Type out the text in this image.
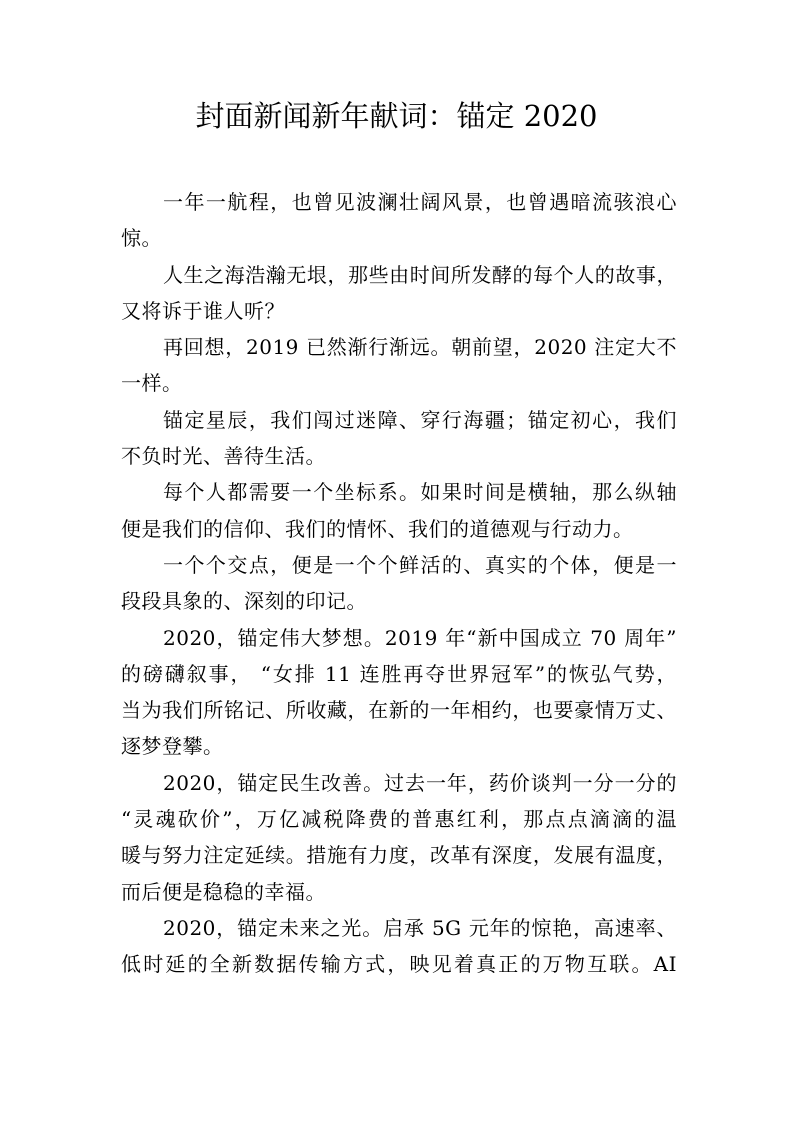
封面新闻新年献词：锚定 2020
一年一航程，也曾见波澜壮阔风景，也曾遇暗流骇浪心
惊。
人生之海浩瀚无垠，那些由时间所发酵的每个人的故事，
又将诉于谁人听？
再回想，2019 已然渐行渐远。朝前望，2020 注定大不
一样。
锚定星辰，我们闯过迷障、穿行海疆；锚定初心，我们
不负时光、善待生活。
每个人都需要一个坐标系。如果时间是横轴，那么纵轴
便是我们的信仰、我们的情怀、我们的道德观与行动力。
一个个交点，便是一个个鲜活的、真实的个体，便是一
段段具象的、深刻的印记。
2020，锚定伟大梦想。2019 年“新中国成立 70 周年”
的磅礴叙事， “女排 11 连胜再夺世界冠军”的恢弘气势，
当为我们所铭记、所收藏，在新的一年相约，也要豪情万丈、
逐梦登攀。
2020，锚定民生改善。过去一年，药价谈判一分一分的
“灵魂砍价”，万亿减税降费的普惠红利，那点点滴滴的温
暖与努力注定延续。措施有力度，改革有深度，发展有温度，
而后便是稳稳的幸福。
2020，锚定未来之光。启承 5G 元年的惊艳，高速率、
低时延的全新数据传输方式，映见着真正的万物互联。AI
